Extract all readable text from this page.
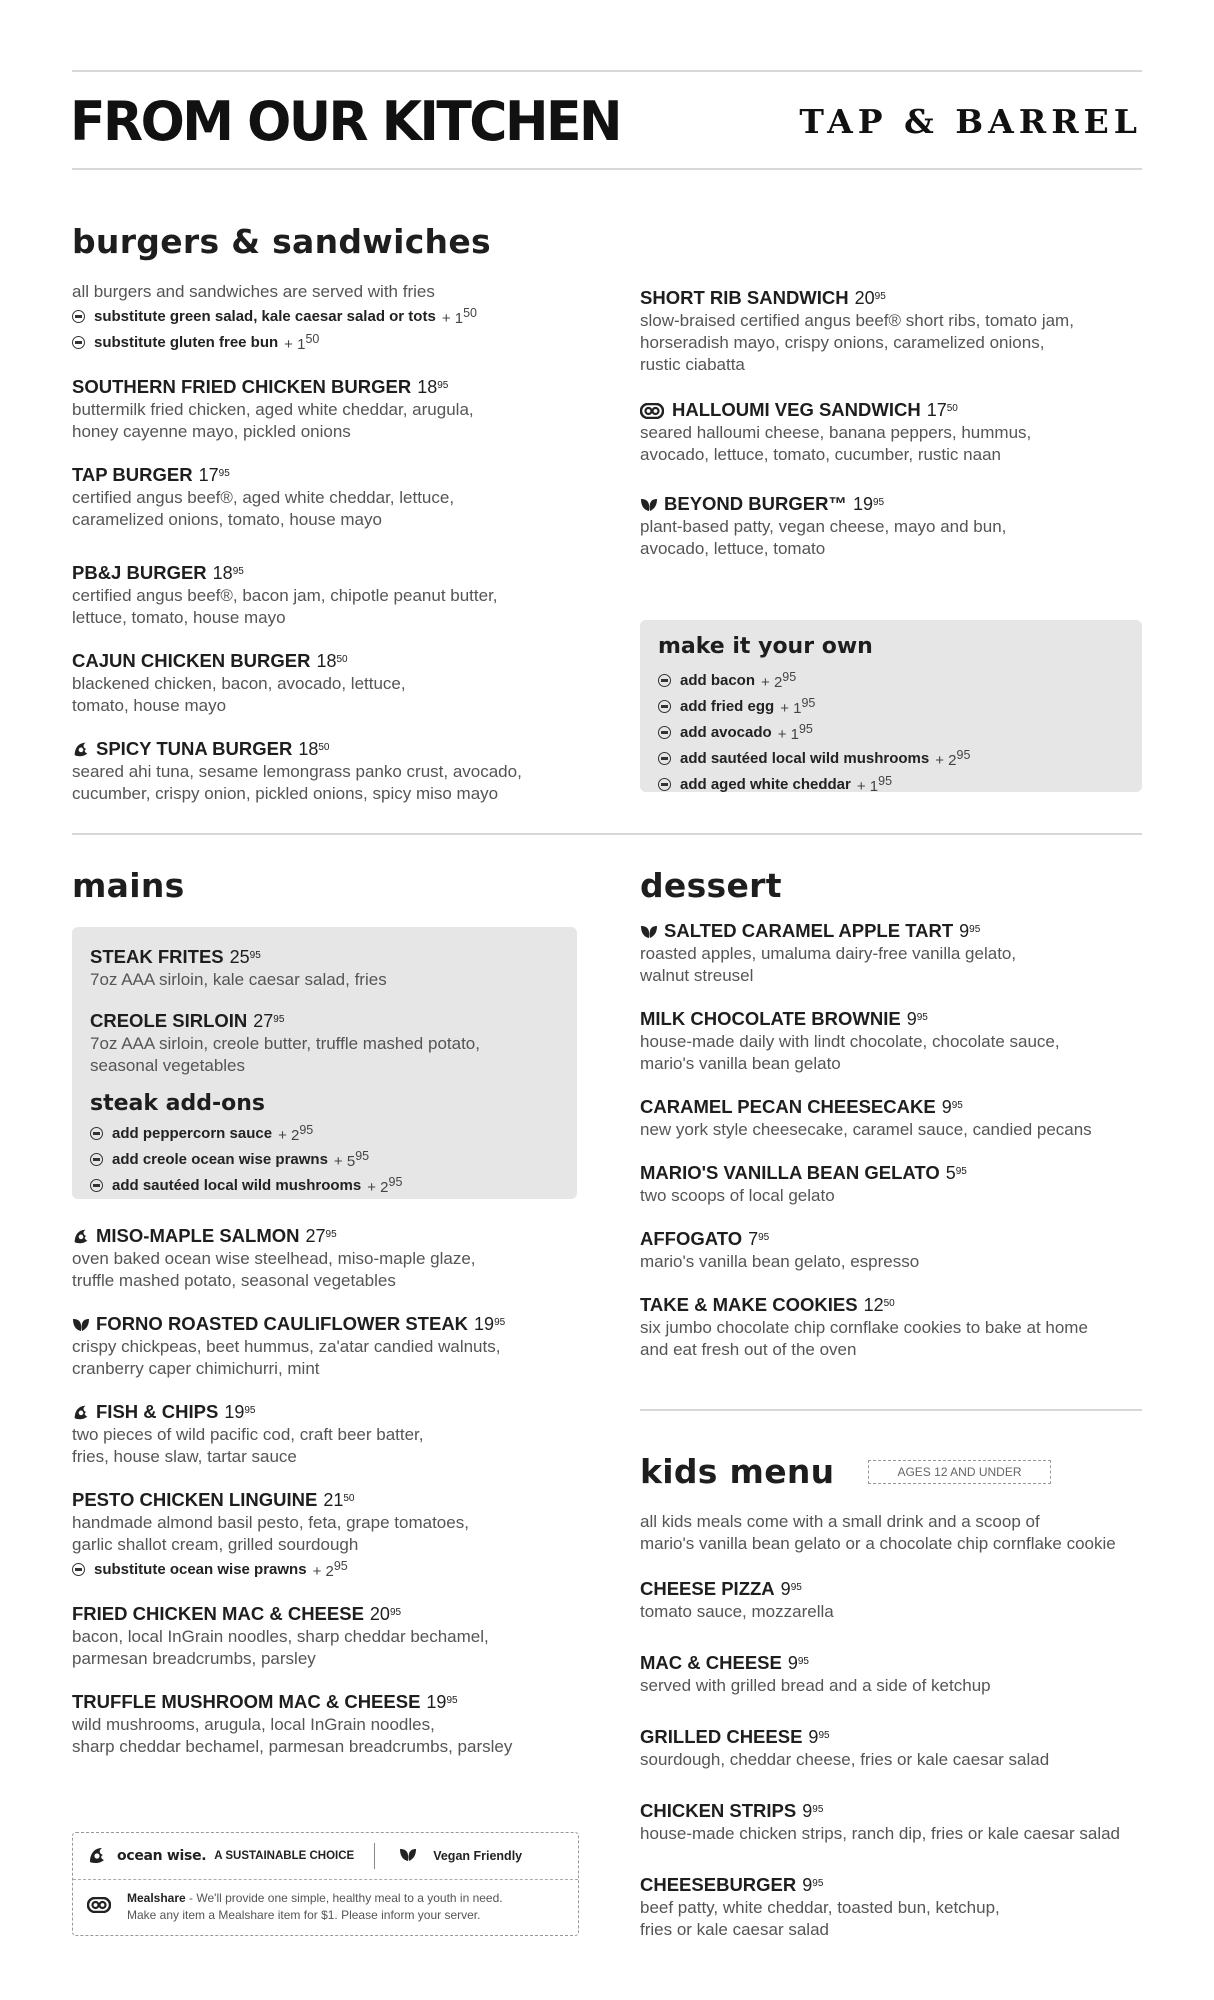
FROM OUR KITCHEN	TAP & BARREL
burgers & sandwiches
all burgers and sandwiches are served with fries
substitute green salad, kale caesar salad or tots + $1^{50}$
substitute gluten free bun + $1^{50}$
SOUTHERN FRIED CHICKEN BURGER $18^{95}$
buttermilk fried chicken, aged white cheddar, arugula,
honey cayenne mayo, pickled onions
TAP BURGER $17^{95}$
certified angus beef®, aged white cheddar, lettuce,
caramelized onions, tomato, house mayo
PB&J BURGER $18^{95}$
certified angus beef®, bacon jam, chipotle peanut butter,
lettuce, tomato, house mayo
CAJUN CHICKEN BURGER $18^{50}$
blackened chicken, bacon, avocado, lettuce,
tomato, house mayo
SPICY TUNA BURGER $18^{50}$
seared ahi tuna, sesame lemongrass panko crust, avocado,
cucumber, crispy onion, pickled onions, spicy miso mayo
SHORT RIB SANDWICH $20^{95}$
slow-braised certified angus beef® short ribs, tomato jam,
horseradish mayo, crispy onions, caramelized onions,
rustic ciabatta
HALLOUMI VEG SANDWICH $17^{50}$
seared halloumi cheese, banana peppers, hummus,
avocado, lettuce, tomato, cucumber, rustic naan
BEYOND BURGER™ $19^{95}$
plant-based patty, vegan cheese, mayo and bun,
avocado, lettuce, tomato
make it your own
add bacon + $2^{95}$
add fried egg + $1^{95}$
add avocado + $1^{95}$
add sautéed local wild mushrooms + $2^{95}$
add aged white cheddar + $1^{95}$
mains
STEAK FRITES $25^{95}$
7oz AAA sirloin, kale caesar salad, fries
CREOLE SIRLOIN $27^{95}$
7oz AAA sirloin, creole butter, truffle mashed potato,
seasonal vegetables
steak add-ons
add peppercorn sauce + $2^{95}$
add creole ocean wise prawns + $5^{95}$
add sautéed local wild mushrooms + $2^{95}$
MISO-MAPLE SALMON $27^{95}$
oven baked ocean wise steelhead, miso-maple glaze,
truffle mashed potato, seasonal vegetables
FORNO ROASTED CAULIFLOWER STEAK $19^{95}$
crispy chickpeas, beet hummus, za'atar candied walnuts,
cranberry caper chimichurri, mint
FISH & CHIPS $19^{95}$
two pieces of wild pacific cod, craft beer batter,
fries, house slaw, tartar sauce
PESTO CHICKEN LINGUINE $21^{50}$
handmade almond basil pesto, feta, grape tomatoes,
garlic shallot cream, grilled sourdough
substitute ocean wise prawns + $2^{95}$
FRIED CHICKEN MAC & CHEESE $20^{95}$
bacon, local InGrain noodles, sharp cheddar bechamel,
parmesan breadcrumbs, parsley
TRUFFLE MUSHROOM MAC & CHEESE $19^{95}$
wild mushrooms, arugula, local InGrain noodles,
sharp cheddar bechamel, parmesan breadcrumbs, parsley
dessert
SALTED CARAMEL APPLE TART $9^{95}$
roasted apples, umaluma dairy-free vanilla gelato,
walnut streusel
MILK CHOCOLATE BROWNIE $9^{95}$
house-made daily with lindt chocolate, chocolate sauce,
mario's vanilla bean gelato
CARAMEL PECAN CHEESECAKE $9^{95}$
new york style cheesecake, caramel sauce, candied pecans
MARIO'S VANILLA BEAN GELATO $5^{95}$
two scoops of local gelato
AFFOGATO $7^{95}$
mario's vanilla bean gelato, espresso
TAKE & MAKE COOKIES $12^{50}$
six jumbo chocolate chip cornflake cookies to bake at home
and eat fresh out of the oven
kids menu	AGES 12 AND UNDER
all kids meals come with a small drink and a scoop of
mario's vanilla bean gelato or a chocolate chip cornflake cookie
CHEESE PIZZA $9^{95}$
tomato sauce, mozzarella
MAC & CHEESE $9^{95}$
served with grilled bread and a side of ketchup
GRILLED CHEESE $9^{95}$
sourdough, cheddar cheese, fries or kale caesar salad
CHICKEN STRIPS $9^{95}$
house-made chicken strips, ranch dip, fries or kale caesar salad
CHEESEBURGER $9^{95}$
beef patty, white cheddar, toasted bun, ketchup,
fries or kale caesar salad
ocean wise. A SUSTAINABLE CHOICE	Vegan Friendly
Mealshare - We'll provide one simple, healthy meal to a youth in need.
Make any item a Mealshare item for $1. Please inform your server.
